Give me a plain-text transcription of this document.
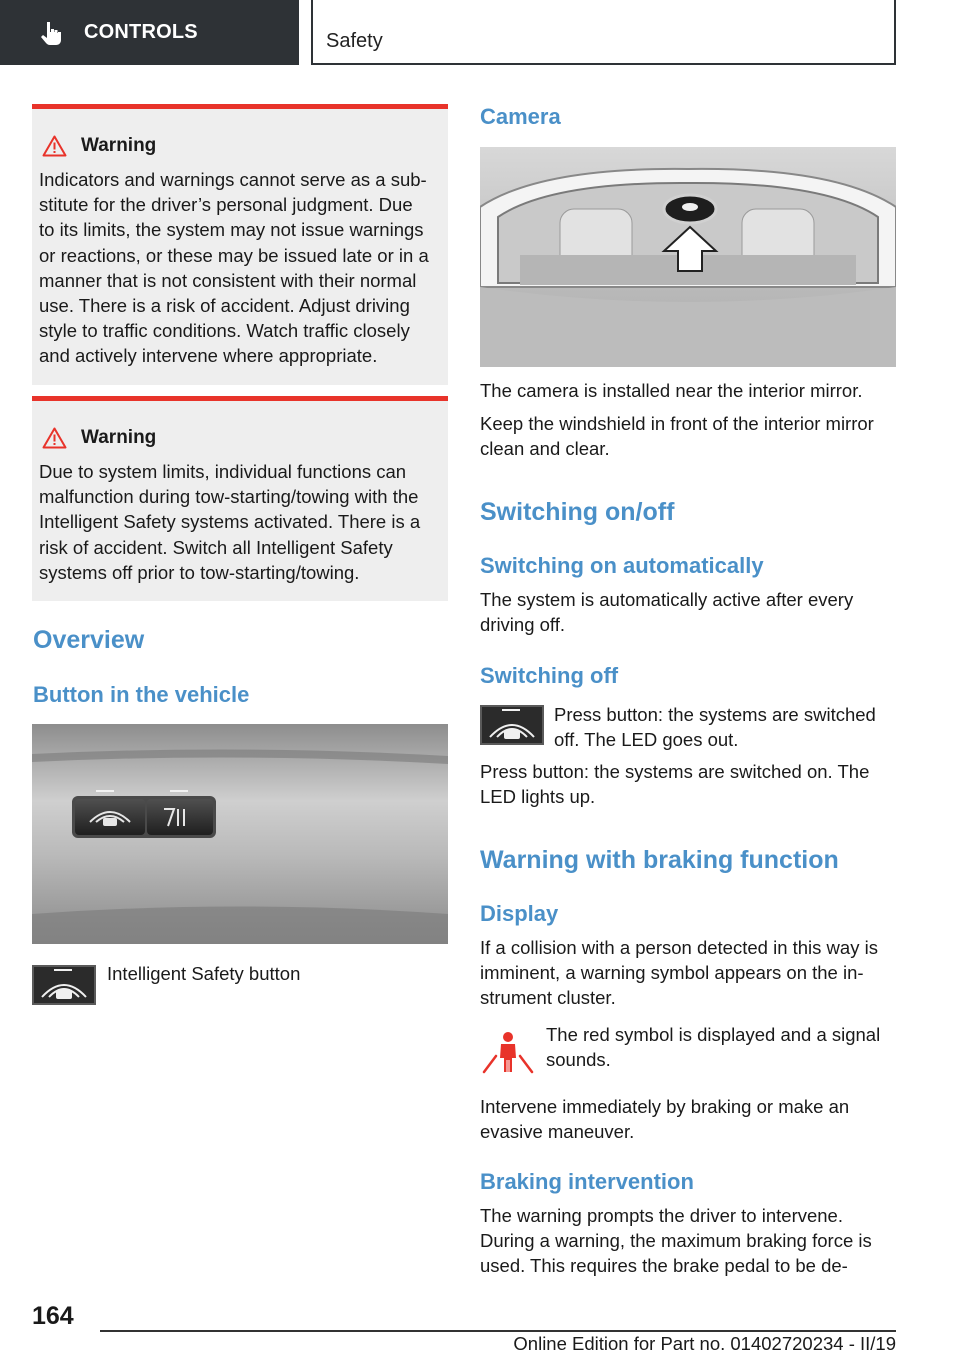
CONTROLS	Safety
Warning
Indicators and warnings cannot serve as a sub‐
stitute for the driver’s personal judgment. Due
to its limits, the system may not issue warnings
or reactions, or these may be issued late or in a
manner that is not consistent with their normal
use. There is a risk of accident. Adjust driving
style to traffic conditions. Watch traffic closely
and actively intervene where appropriate.
Warning
Due to system limits, individual functions can
malfunction during tow-starting/towing with the
Intelligent Safety systems activated. There is a
risk of accident. Switch all Intelligent Safety
systems off prior to tow-starting/towing.
Overview
Button in the vehicle
Intelligent Safety button
Camera
The camera is installed near the interior mirror.
Keep the windshield in front of the interior mirror
clean and clear.
Switching on/off
Switching on automatically
The system is automatically active after every
driving off.
Switching off
Press button: the systems are switched
off. The LED goes out.
Press button: the systems are switched on. The
LED lights up.
Warning with braking function
Display
If a collision with a person detected in this way is
imminent, a warning symbol appears on the in‐
strument cluster.
The red symbol is displayed and a signal
sounds.
Intervene immediately by braking or make an
evasive maneuver.
Braking intervention
The warning prompts the driver to intervene.
During a warning, the maximum braking force is
used. This requires the brake pedal to be de‐
164
Online Edition for Part no. 01402720234 - II/19
